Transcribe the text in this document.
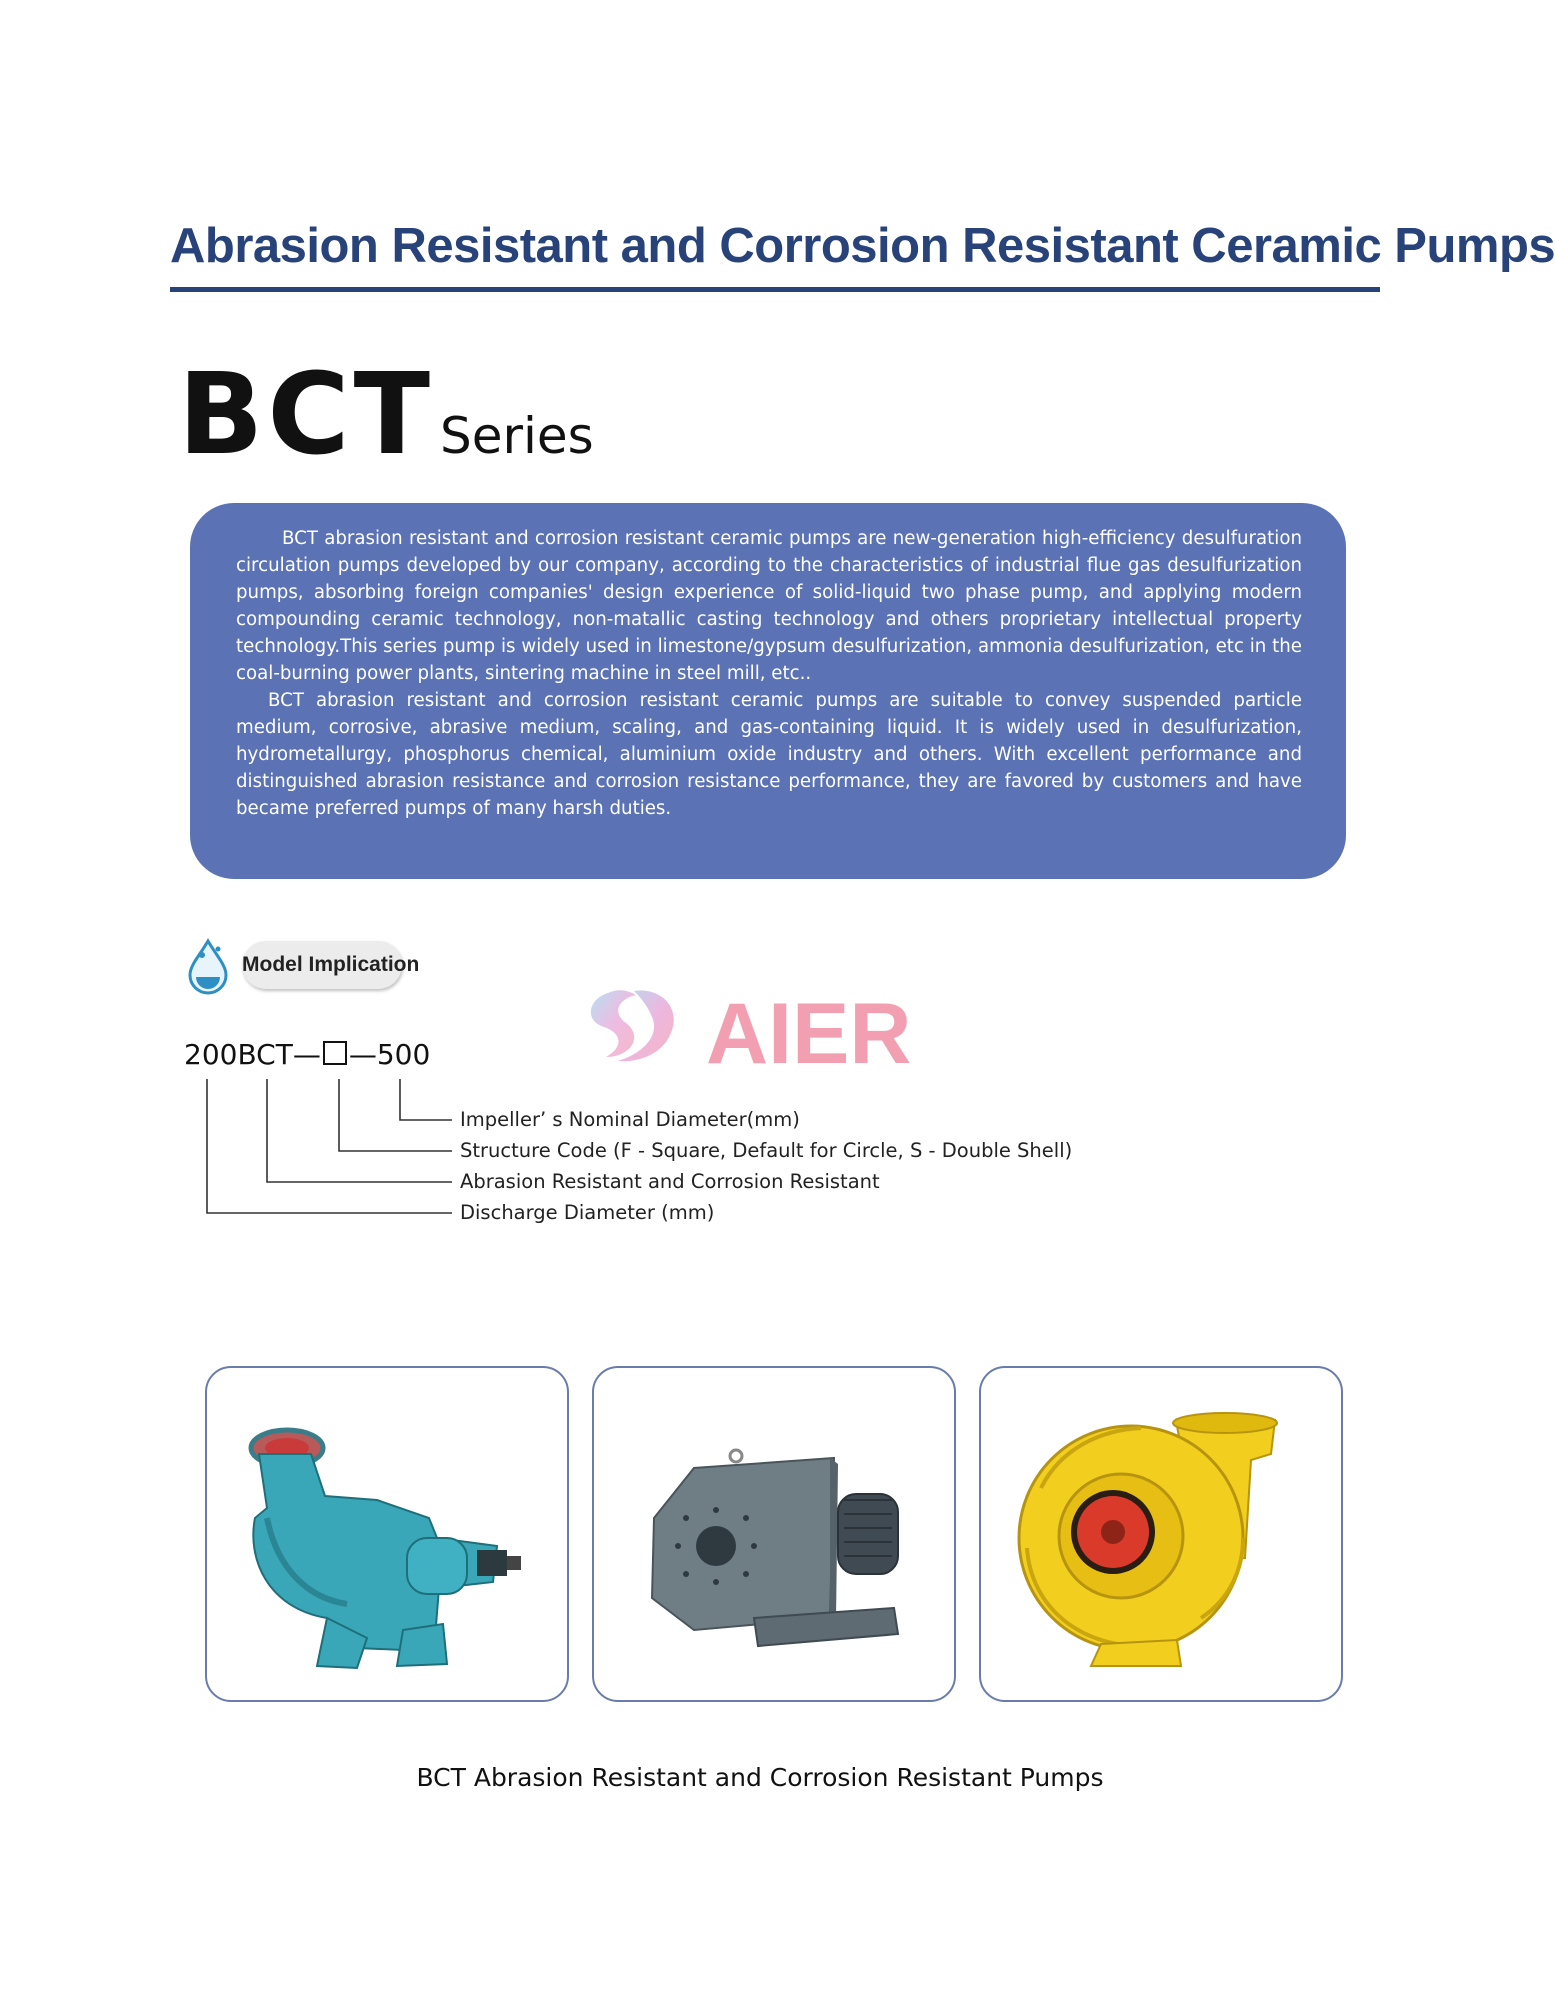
Abrasion Resistant and Corrosion Resistant Ceramic Pumps
BCT Series

BCT abrasion resistant and corrosion resistant ceramic pumps are new-generation high-efficiency desulfuration circulation pumps developed by our company, according to the characteristics of industrial flue gas desulfurization pumps, absorbing foreign companies' design experience of solid-liquid two phase pump, and applying modern compounding ceramic technology, non-matallic casting technology and others proprietary intellectual property technology.This series pump is widely used in limestone/gypsum desulfurization, ammonia desulfurization, etc in the coal-burning power plants, sintering machine in steel mill, etc..

BCT abrasion resistant and corrosion resistant ceramic pumps are suitable to convey suspended particle medium, corrosive, abrasive medium, scaling, and gas-containing liquid. It is widely used in desulfurization, hydrometallurgy, phosphorus chemical, aluminium oxide industry and others. With excellent performance and distinguished abrasion resistance and corrosion resistance performance, they are favored by customers and have became preferred pumps of many harsh duties.

Model Implication
AIER
200BCT— —500
Impeller’ s Nominal Diameter(mm)
Structure Code (F - Square, Default for Circle, S - Double Shell)
Abrasion Resistant and Corrosion Resistant
Discharge Diameter (mm)
BCT Abrasion Resistant and Corrosion Resistant Pumps
